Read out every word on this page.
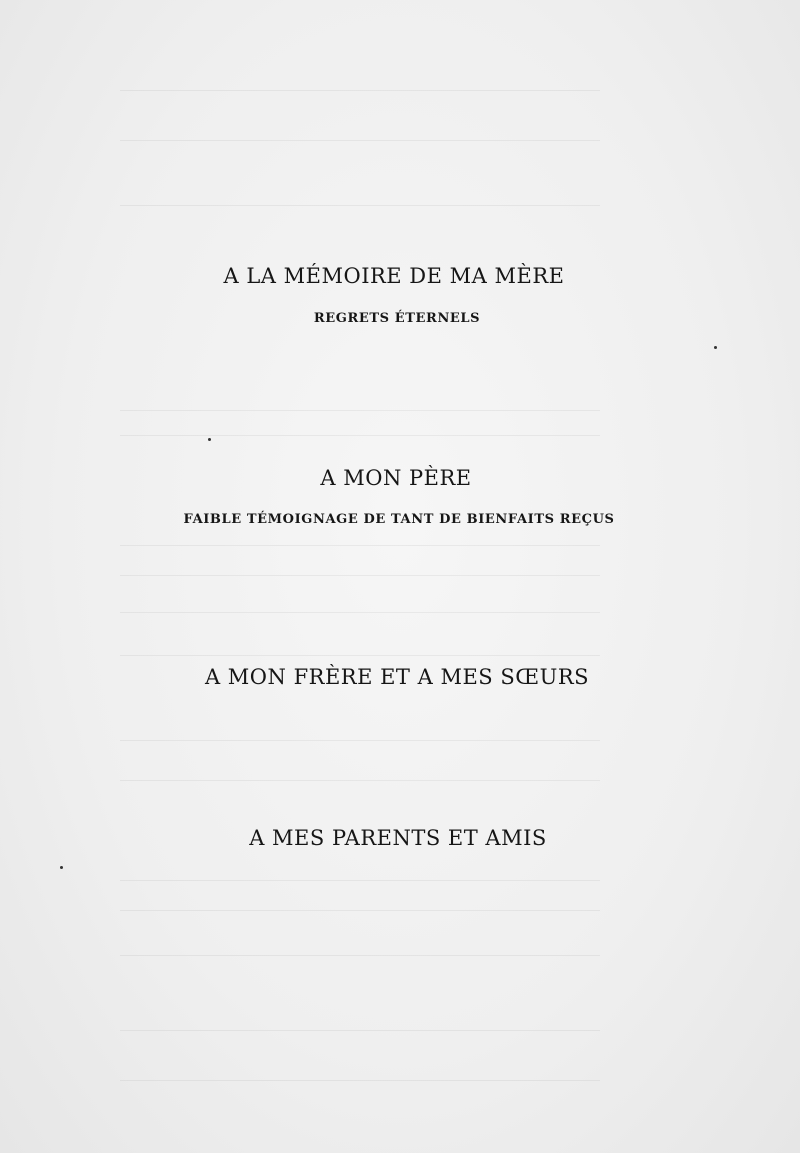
A LA MÉMOIRE DE MA MÈRE
REGRETS ÉTERNELS
A MON PÈRE
FAIBLE TÉMOIGNAGE DE TANT DE BIENFAITS REÇUS
A MON FRÈRE ET A MES SŒURS
A MES PARENTS ET AMIS
